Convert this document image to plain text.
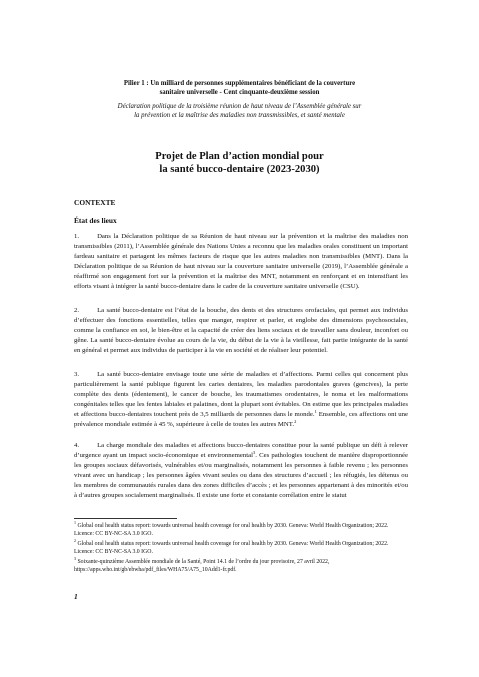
Pilier 1 : Un milliard de personnes supplémentaires bénéficiant de la couverture
sanitaire universelle - Cent cinquante-deuxième session
Déclaration politique de la troisième réunion de haut niveau de l’Assemblée générale sur
la prévention et la maîtrise des maladies non transmissibles, et santé mentale
Projet de Plan d’action mondial pour
la santé bucco-dentaire (2023-2030)
CONTEXTE
État des lieux
1.	Dans la Déclaration politique de sa Réunion de haut niveau sur la prévention et la maîtrise des maladies non transmissibles (2011), l’Assemblée générale des Nations Unies a reconnu que les maladies orales constituent un important fardeau sanitaire et partagent les mêmes facteurs de risque que les autres maladies non transmissibles (MNT). Dans la Déclaration politique de sa Réunion de haut niveau sur la couverture sanitaire universelle (2019), l’Assemblée générale a réaffirmé son engagement fort sur la prévention et la maîtrise des MNT, notamment en renforçant et en intensifiant les efforts visant à intégrer la santé bucco-dentaire dans le cadre de la couverture sanitaire universelle (CSU).
2.	La santé bucco-dentaire est l’état de la bouche, des dents et des structures orofaciales, qui permet aux individus d’effectuer des fonctions essentielles, telles que manger, respirer et parler, et englobe des dimensions psychosociales, comme la confiance en soi, le bien-être et la capacité de créer des liens sociaux et de travailler sans douleur, inconfort ou gêne. La santé bucco-dentaire évolue au cours de la vie, du début de la vie à la vieillesse, fait partie intégrante de la santé en général et permet aux individus de participer à la vie en société et de réaliser leur potentiel.
3.	La santé bucco-dentaire envisage toute une série de maladies et d’affections. Parmi celles qui concernent plus particulièrement la santé publique figurent les caries dentaires, les maladies parodontales graves (gencives), la perte complète des dents (édentement), le cancer de bouche, les traumatismes orodentaires, le noma et les malformations congénitales telles que les fentes labiales et palatines, dont la plupart sont évitables. On estime que les principales maladies et affections bucco-dentaires touchent près de 3,5 milliards de personnes dans le monde.$^1$ Ensemble, ces affections ont une prévalence mondiale estimée à 45 %, supérieure à celle de toutes les autres MNT.$^2$
4.	La charge mondiale des maladies et affections bucco-dentaires constitue pour la santé publique un défi à relever d’urgence ayant un impact socio-économique et environnemental$^3$. Ces pathologies touchent de manière disproportionnée les groupes sociaux défavorisés, vulnérables et/ou marginalisés, notamment les personnes à faible revenu ; les personnes vivant avec un handicap ; les personnes âgées vivant seules ou dans des structures d’accueil ; les réfugiés, les détenus ou les membres de communautés rurales dans des zones difficiles d’accès ; et les personnes appartenant à des minorités et/ou à d’autres groupes socialement marginalisés. Il existe une forte et constante corrélation entre le statut
$^1$ Global oral health status report: towards universal health coverage for oral health by 2030. Geneva: World Health Organization; 2022. Licence: CC BY-NC-SA 3.0 IGO.
$^2$ Global oral health status report: towards universal health coverage for oral health by 2030. Geneva: World Health Organization; 2022. Licence: CC BY-NC-SA 3.0 IGO.
$^3$ Soixante-quinzième Assemblée mondiale de la Santé, Point 14.1 de l’ordre du jour provisoire, 27 avril 2022, https://apps.who.int/gb/ebwha/pdf_files/WHA75/A75_10Add1-fr.pdf.
1
